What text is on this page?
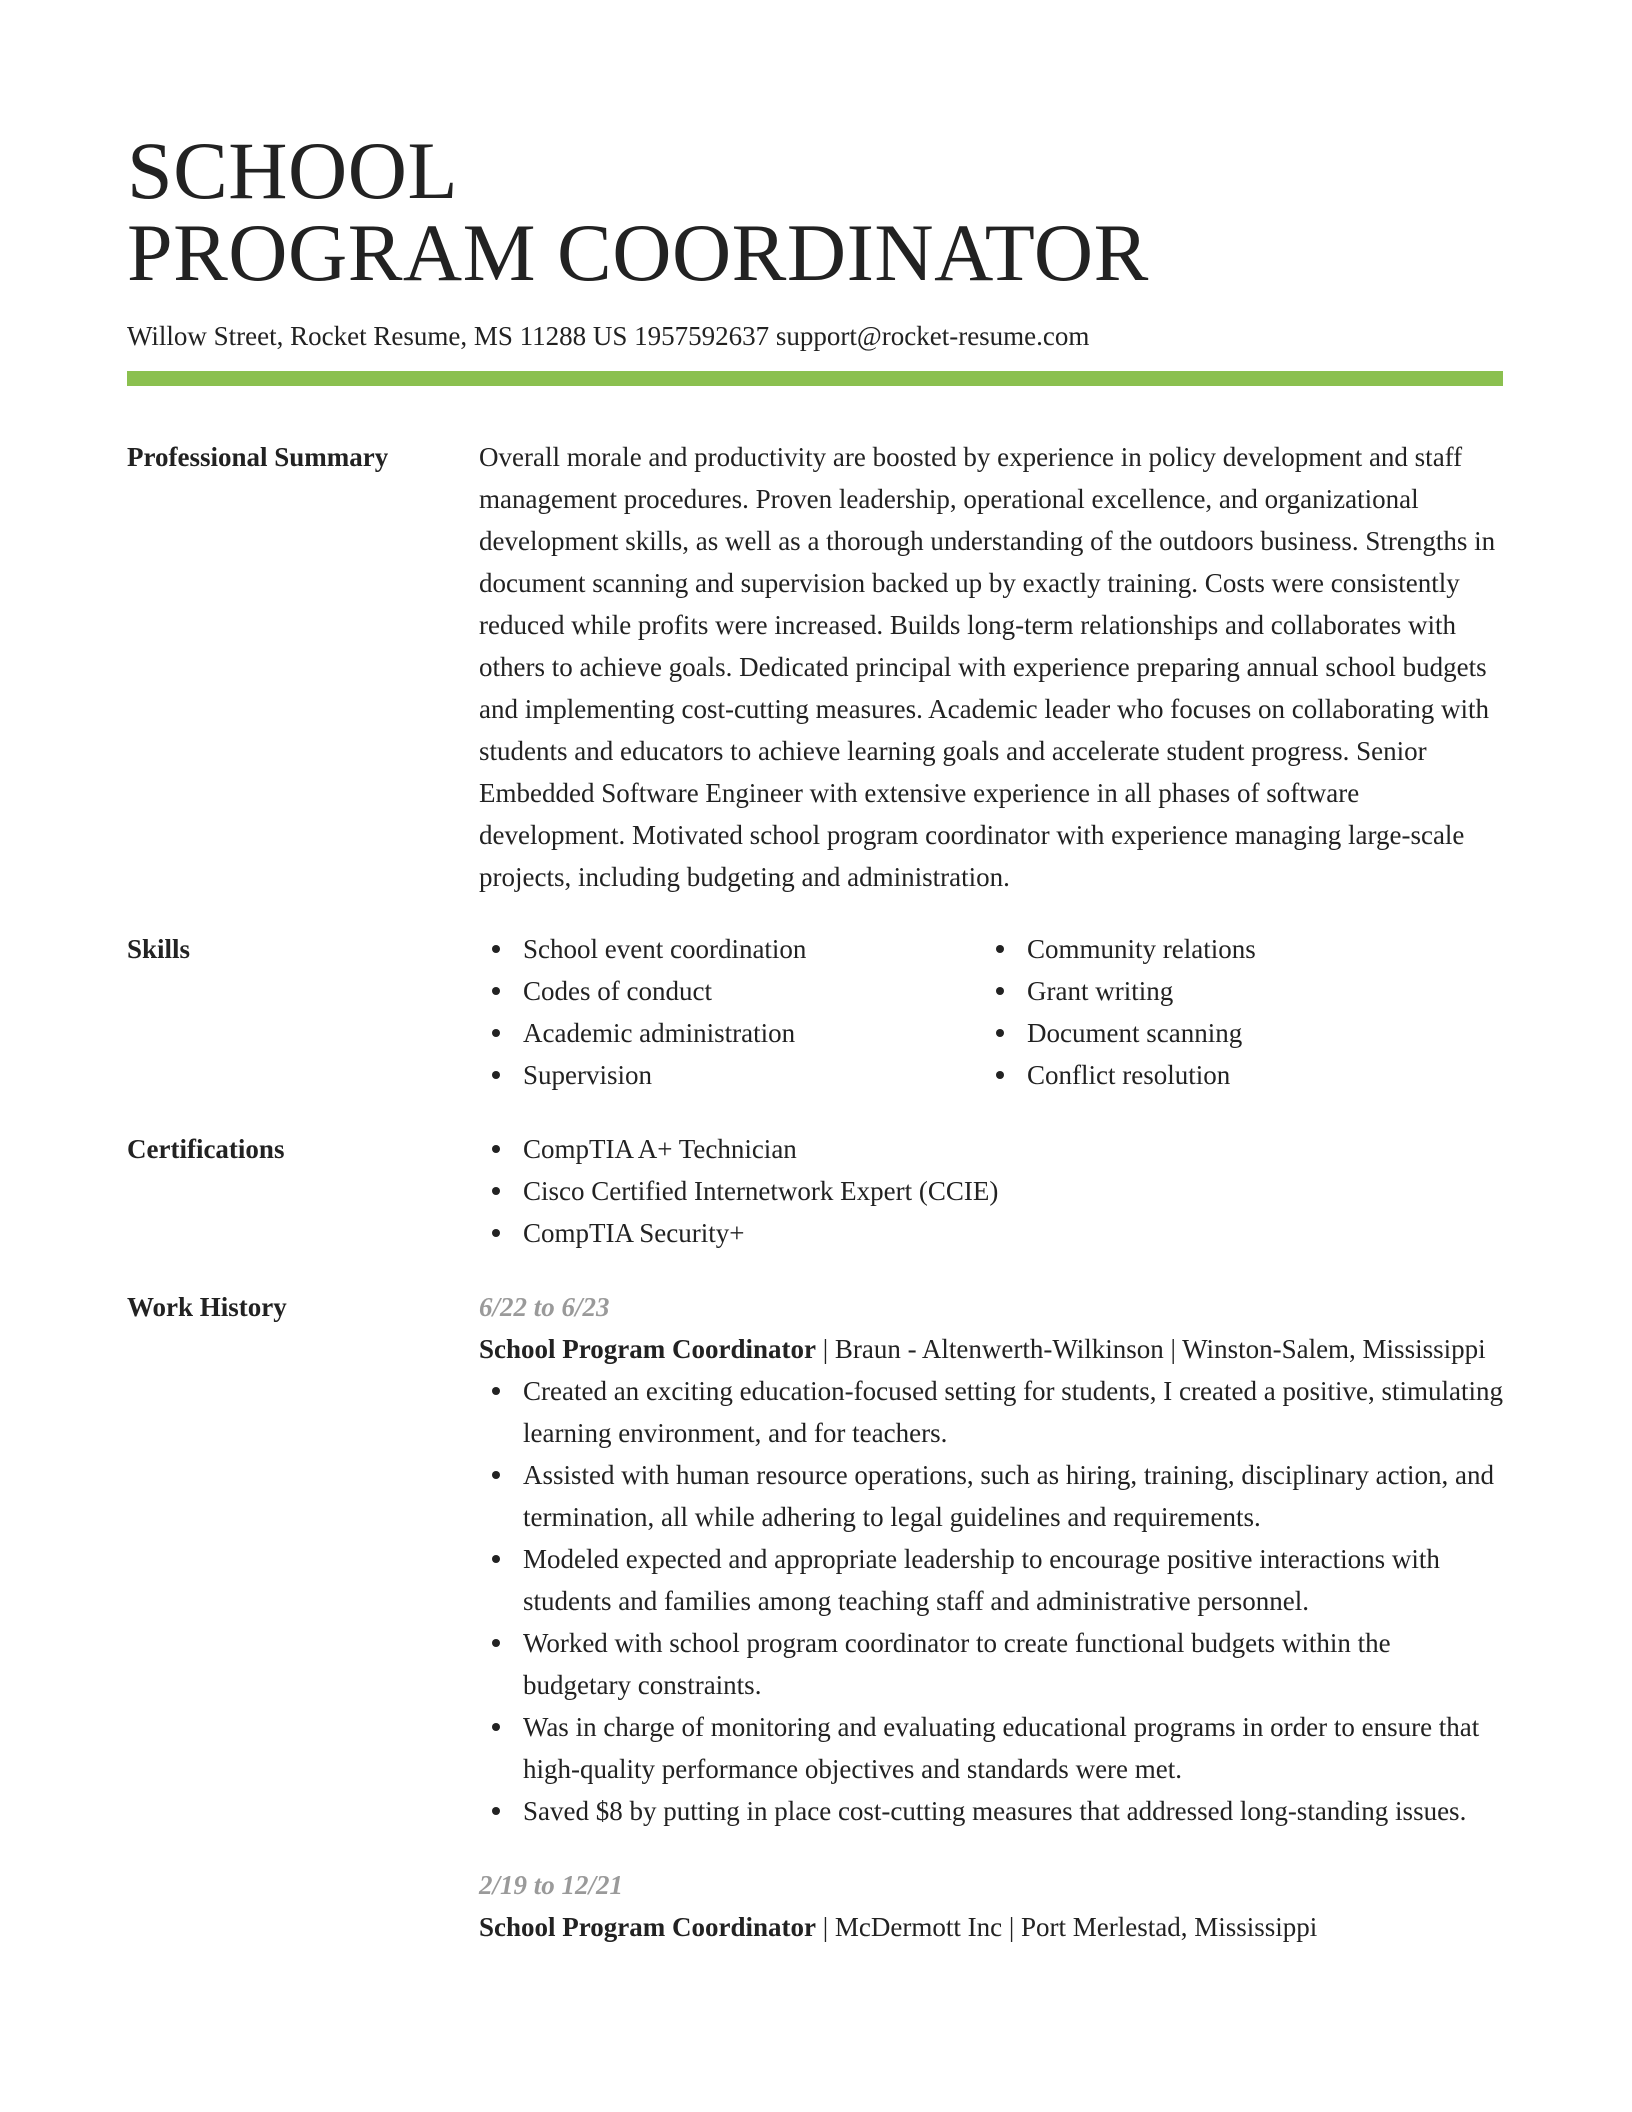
SCHOOL
PROGRAM COORDINATOR
Willow Street, Rocket Resume, MS 11288 US 1957592637 support@rocket-resume.com
Professional Summary	Overall morale and productivity are boosted by experience in policy development and staff management procedures. Proven leadership, operational excellence, and organizational development skills, as well as a thorough understanding of the outdoors business. Strengths in document scanning and supervision backed up by exactly training. Costs were consistently reduced while profits were increased. Builds long-term relationships and collaborates with others to achieve goals. Dedicated principal with experience preparing annual school budgets and implementing cost-cutting measures. Academic leader who focuses on collaborating with students and educators to achieve learning goals and accelerate student progress. Senior Embedded Software Engineer with extensive experience in all phases of software development. Motivated school program coordinator with experience managing large-scale projects, including budgeting and administration.

Skills	School event coordination
Codes of conduct
Academic administration
Supervision
Community relations
Grant writing
Document scanning
Conflict resolution
Certifications	CompTIA A+ Technician
Cisco Certified Internetwork Expert (CCIE)
CompTIA Security+
Work History	6/22 to 6/23
School Program Coordinator | Braun - Altenwerth-Wilkinson | Winston-Salem, Mississippi
Created an exciting education-focused setting for students, I created a positive, stimulating learning environment, and for teachers.
Assisted with human resource operations, such as hiring, training, disciplinary action, and termination, all while adhering to legal guidelines and requirements.
Modeled expected and appropriate leadership to encourage positive interactions with students and families among teaching staff and administrative personnel.
Worked with school program coordinator to create functional budgets within the budgetary constraints.
Was in charge of monitoring and evaluating educational programs in order to ensure that high-quality performance objectives and standards were met.
Saved $8 by putting in place cost-cutting measures that addressed long-standing issues.
2/19 to 12/21
School Program Coordinator | McDermott Inc | Port Merlestad, Mississippi
